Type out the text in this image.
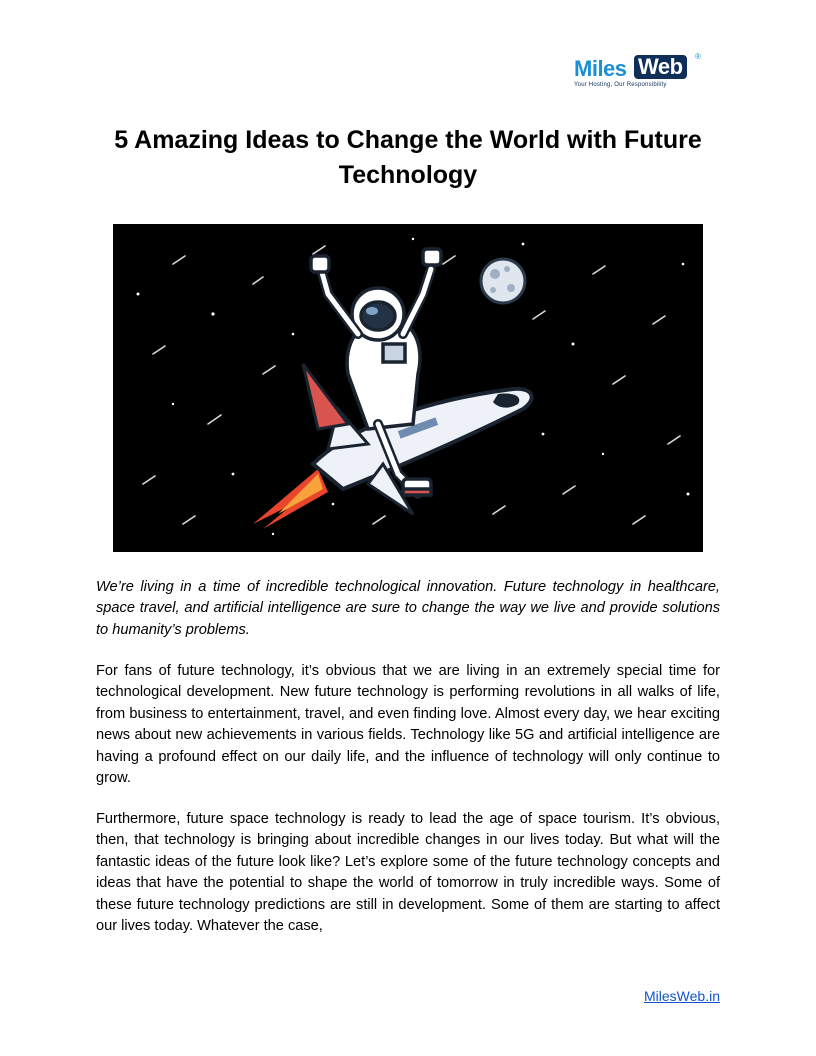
Miles Web	®
Your Hosting, Our Responsibility
5 Amazing Ideas to Change the World with Future Technology

We’re living in a time of incredible technological innovation. Future technology in healthcare, space travel, and artificial intelligence are sure to change the way we live and provide solutions to humanity’s problems.

For fans of future technology, it’s obvious that we are living in an extremely special time for technological development. New future technology is performing revolutions in all walks of life, from business to entertainment, travel, and even finding love. Almost every day, we hear exciting news about new achievements in various fields. Technology like 5G and artificial intelligence are having a profound effect on our daily life, and the influence of technology will only continue to grow.

Furthermore, future space technology is ready to lead the age of space tourism. It’s obvious, then, that technology is bringing about incredible changes in our lives today. But what will the fantastic ideas of the future look like? Let’s explore some of the future technology concepts and ideas that have the potential to shape the world of tomorrow in truly incredible ways. Some of these future technology predictions are still in development. Some of them are starting to affect our lives today. Whatever the case,

MilesWeb.in
